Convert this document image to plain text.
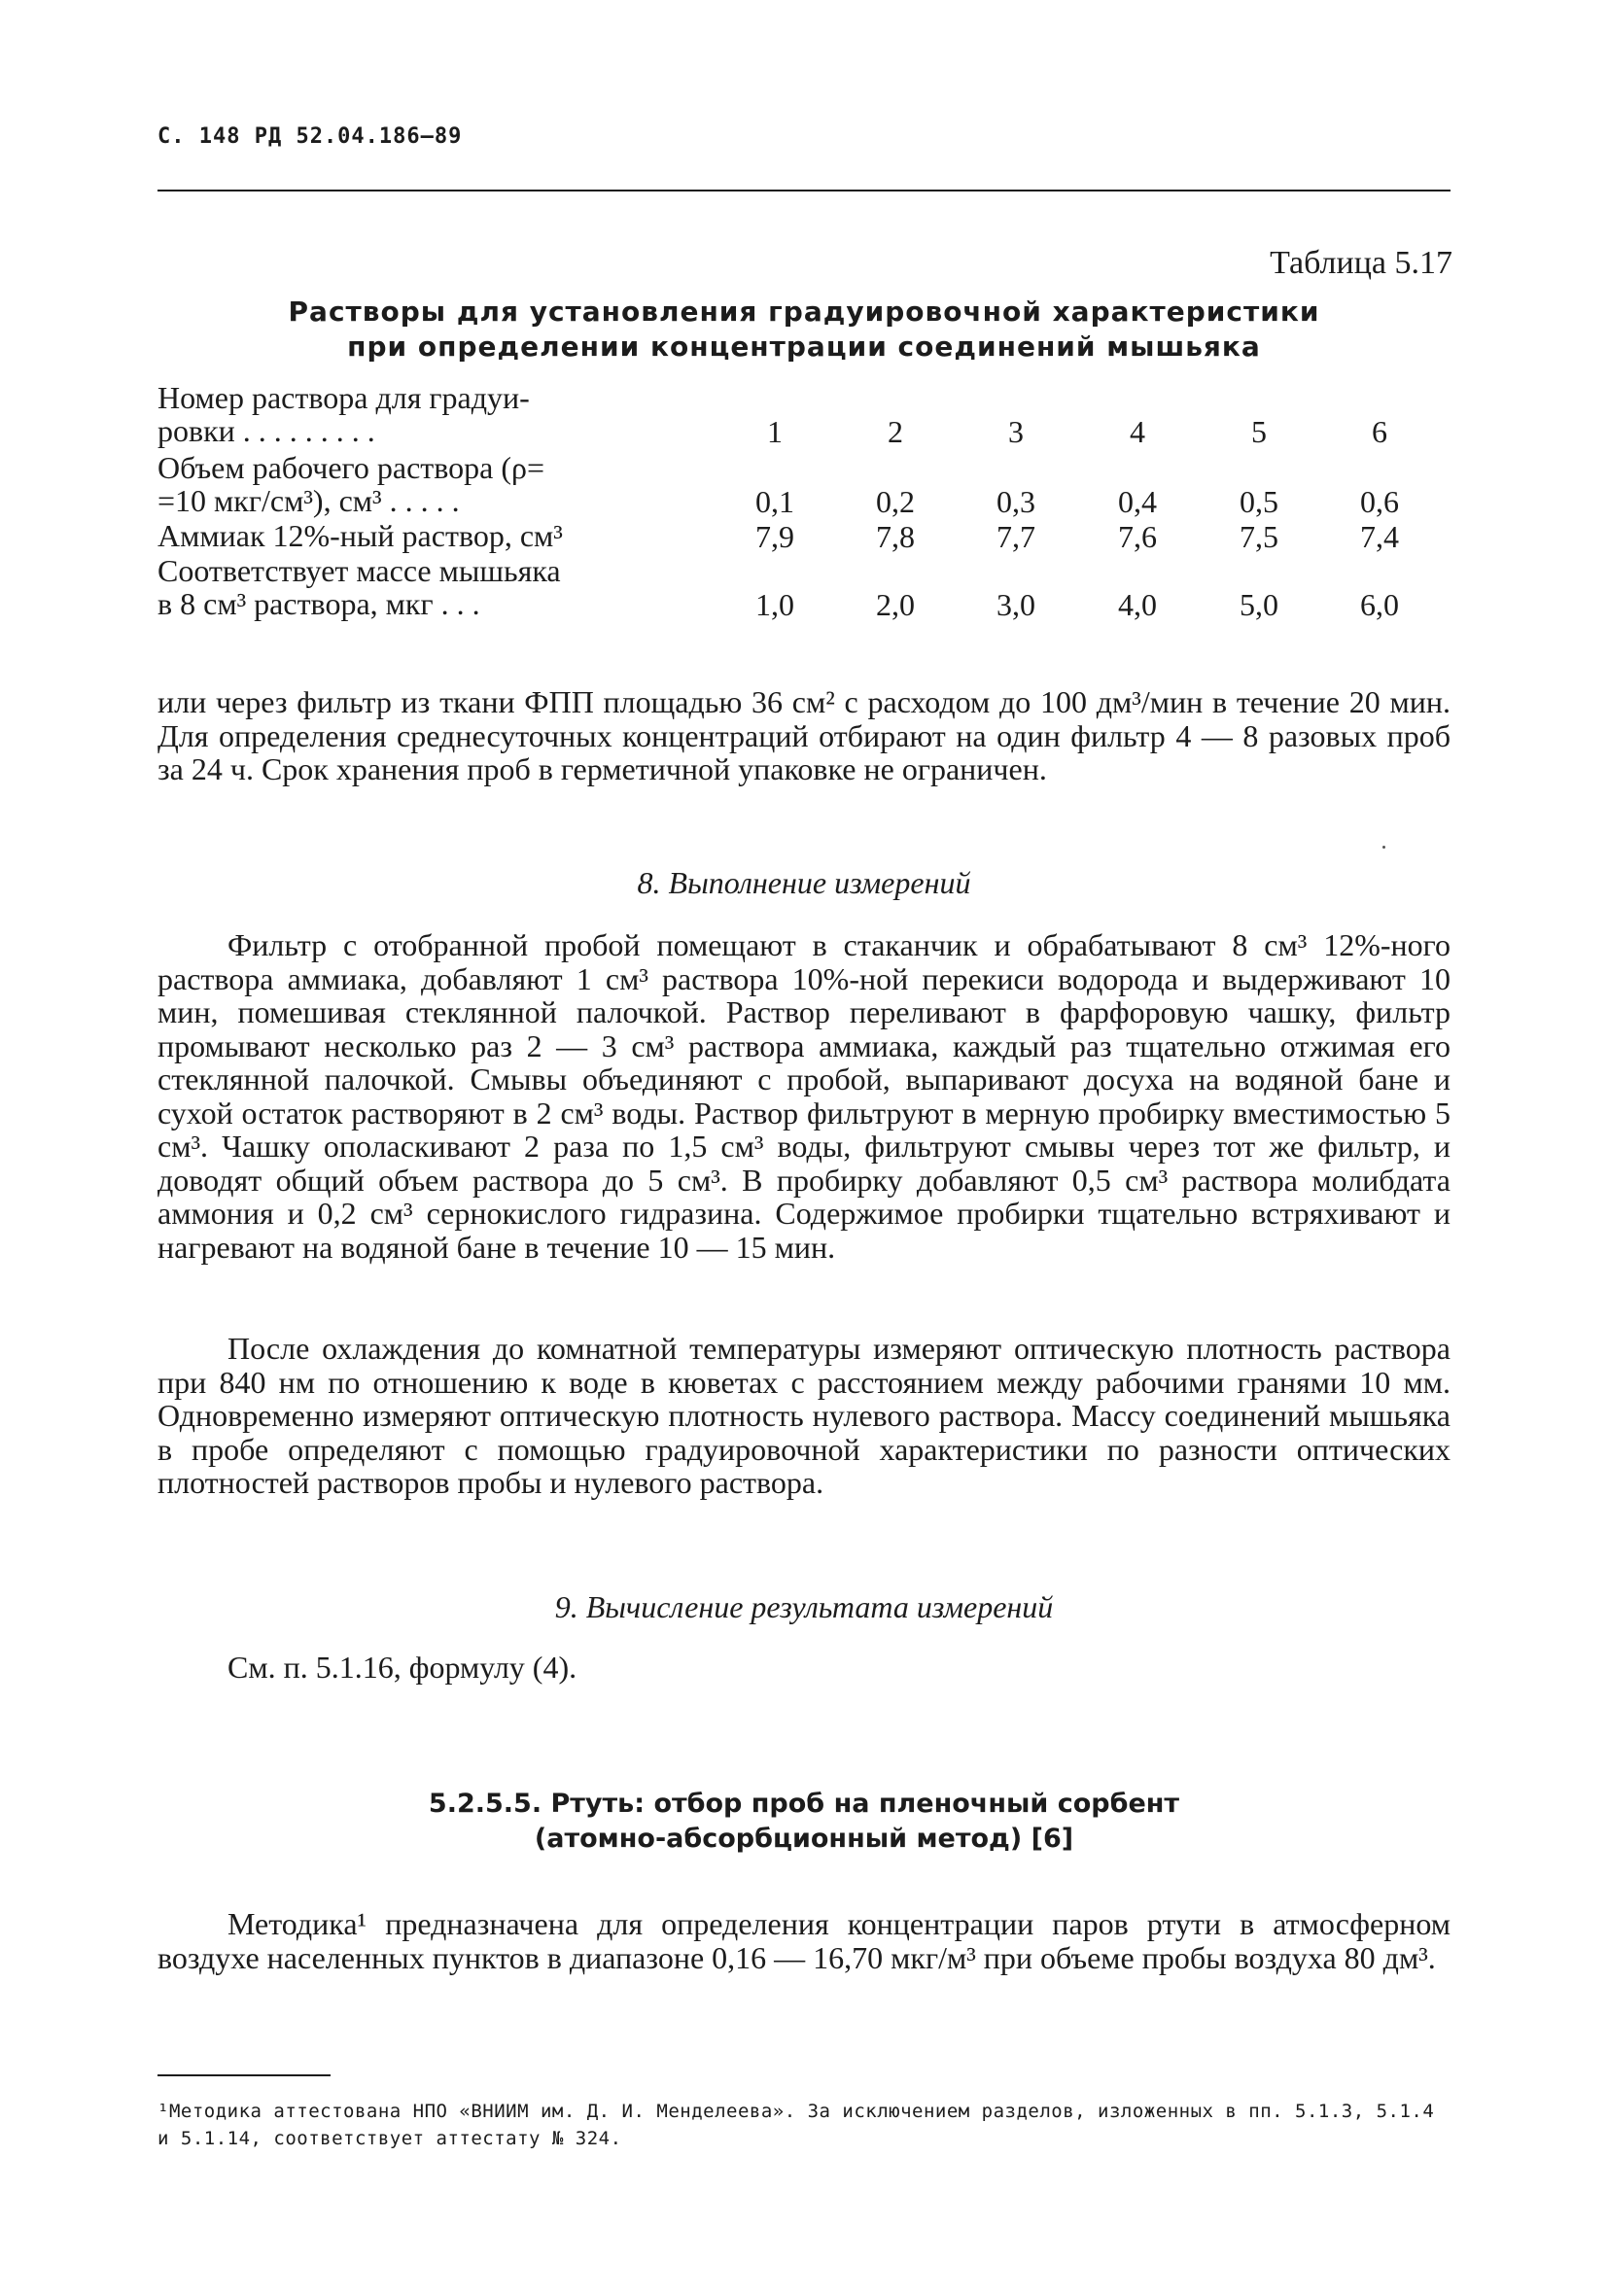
С. 148 РД 52.04.186—89
Таблица 5.17
Растворы для установления градуировочной характеристики
при определении концентрации соединений мышьяка
Номер раствора для градуи-
ровки . . . . . . . . .	1	2	3	4	5	6
Объем рабочего раствора (ρ=
=10 мкг/см³), см³ . . . . .	0,1	0,2	0,3	0,4	0,5	0,6
Аммиак 12%-ный раствор, см³	7,9	7,8	7,7	7,6	7,5	7,4
Соответствует массе мышьяка
в 8 см³ раствора, мкг . . .	1,0	2,0	3,0	4,0	5,0	6,0
или через фильтр из ткани ФПП площадью 36 см² с расходом до 100 дм³/мин в течение 20 мин. Для определения среднесуточных концентраций отбирают на один фильтр 4 — 8 разовых проб за 24 ч. Срок хранения проб в герметичной упаковке не ограничен.
8. Выполнение измерений
Фильтр с отобранной пробой помещают в стаканчик и обрабатывают 8 см³ 12%-ного раствора аммиака, добавляют 1 см³ раствора 10%-ной перекиси водорода и выдерживают 10 мин, помешивая стеклянной палочкой. Раствор переливают в фарфоровую чашку, фильтр промывают несколько раз 2 — 3 см³ раствора аммиака, каждый раз тщательно отжимая его стеклянной палочкой. Смывы объединяют с пробой, выпаривают досуха на водяной бане и сухой остаток растворяют в 2 см³ воды. Раствор фильтруют в мерную пробирку вместимостью 5 см³. Чашку ополаскивают 2 раза по 1,5 см³ воды, фильтруют смывы через тот же фильтр, и доводят общий объем раствора до 5 см³. В пробирку добавляют 0,5 см³ раствора молибдата аммония и 0,2 см³ сернокислого гидразина. Содержимое пробирки тщательно встряхивают и нагревают на водяной бане в течение 10 — 15 мин.
После охлаждения до комнатной температуры измеряют оптическую плотность раствора при 840 нм по отношению к воде в кюветах с расстоянием между рабочими гранями 10 мм. Одновременно измеряют оптическую плотность нулевого раствора. Массу соединений мышьяка в пробе определяют с помощью градуировочной характеристики по разности оптических плотностей растворов пробы и нулевого раствора.
9. Вычисление результата измерений
См. п. 5.1.16, формулу (4).
5.2.5.5. Ртуть: отбор проб на пленочный сорбент
(атомно-абсорбционный метод) [6]
Методика¹ предназначена для определения концентрации паров ртути в атмосферном воздухе населенных пунктов в диапазоне 0,16 — 16,70 мкг/м³ при объеме пробы воздуха 80 дм³.
¹Методика аттестована НПО «ВНИИМ им. Д. И. Менделеева». За исключением разделов, изложенных в пп. 5.1.3, 5.1.4 и 5.1.14, соответствует аттестату № 324.
